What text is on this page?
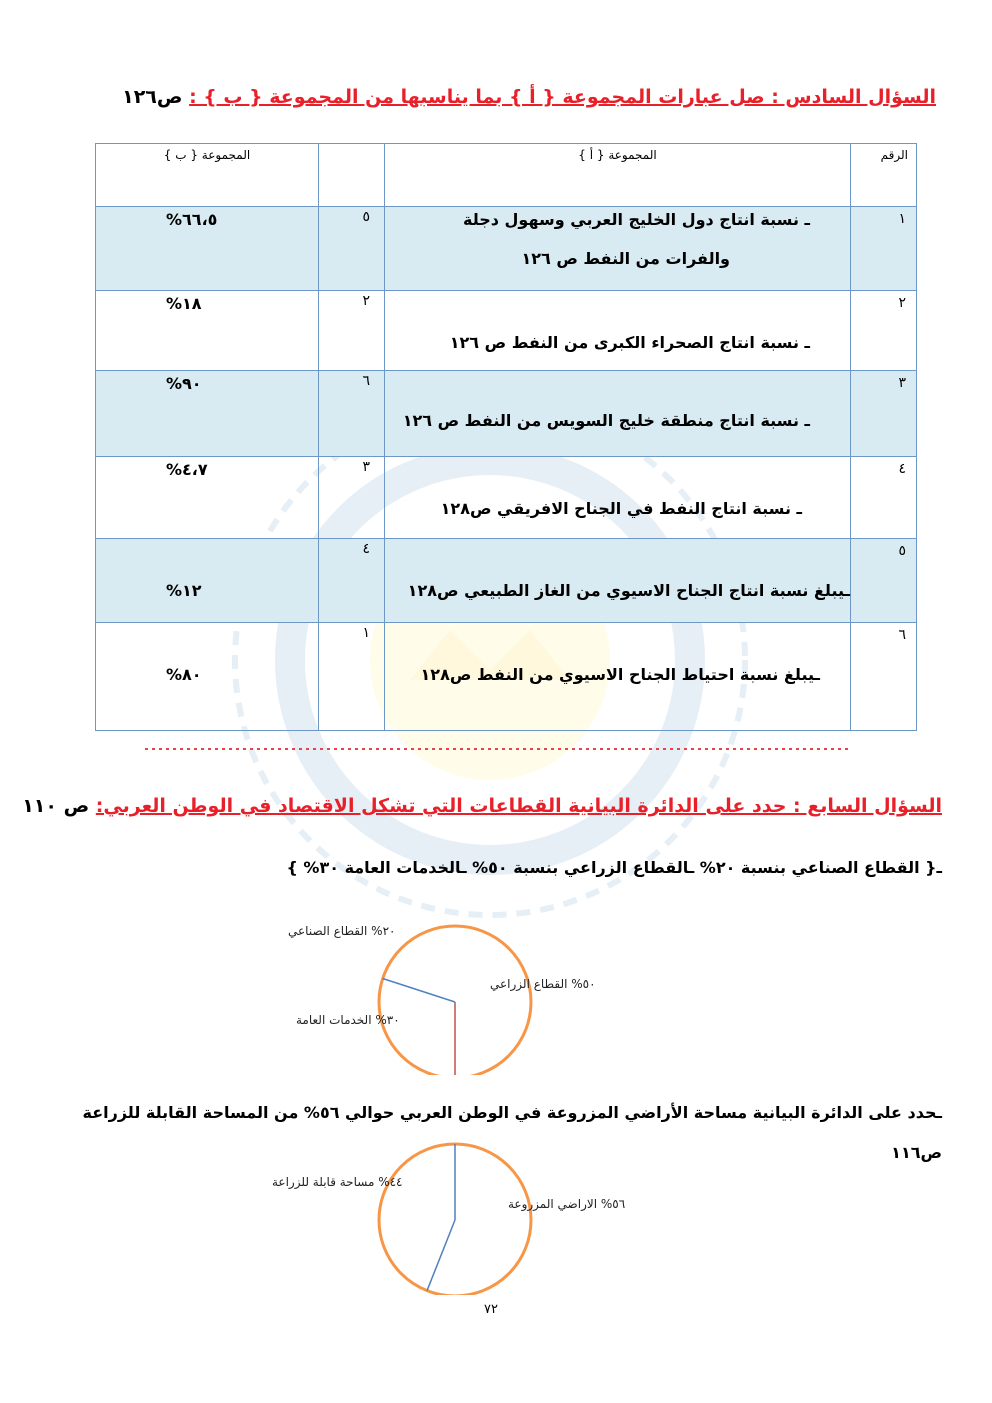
السؤال السادس : صل عبارات المجموعة { أ } بما يناسبها من المجموعة { ب } : ص١٢٦
الرقم	المجموعة { أ }		المجموعة { ب }
١	ـ نسبة انتاج دول الخليج العربي وسهول دجلة
والفرات من النفط ص ١٢٦	٥	%٦٦،٥

٢	ـ نسبة انتاج الصحراء الكبرى من النفط ص ١٢٦	٢	%١٨

٣	ـ نسبة انتاج منطقة خليج السويس من النفط ص ١٢٦	٦	%٩٠

٤	ـ نسبة انتاج النفط في الجناح الافريقي ص١٢٨	٣	%٤،٧

٥	ـيبلغ نسبة انتاج الجناح الاسيوي من الغاز الطبيعي ص١٢٨	٤	%١٢

٦	ـيبلغ نسبة احتياط الجناح الاسيوي من النفط ص١٢٨	١	%٨٠
السؤال السابع : حدد على الدائرة البيانية القطاعات التي تشكل الاقتصاد في الوطن العربي: ص ١١٠
ـ{ القطاع الصناعي بنسبة ٢٠% ـالقطاع الزراعي بنسبة ٥٠% ـالخدمات العامة ٣٠% }
٢٠% القطاع الصناعي
٥٠% القطاع الزراعي
٣٠% الخدمات العامة
ـحدد على الدائرة البيانية مساحة الأراضي المزروعة في الوطن العربي حوالي ٥٦% من المساحة القابلة للزراعة
ص١١٦
٤٤% مساحة قابلة للزراعة
٥٦% الاراضي المزروعة
٧٢
